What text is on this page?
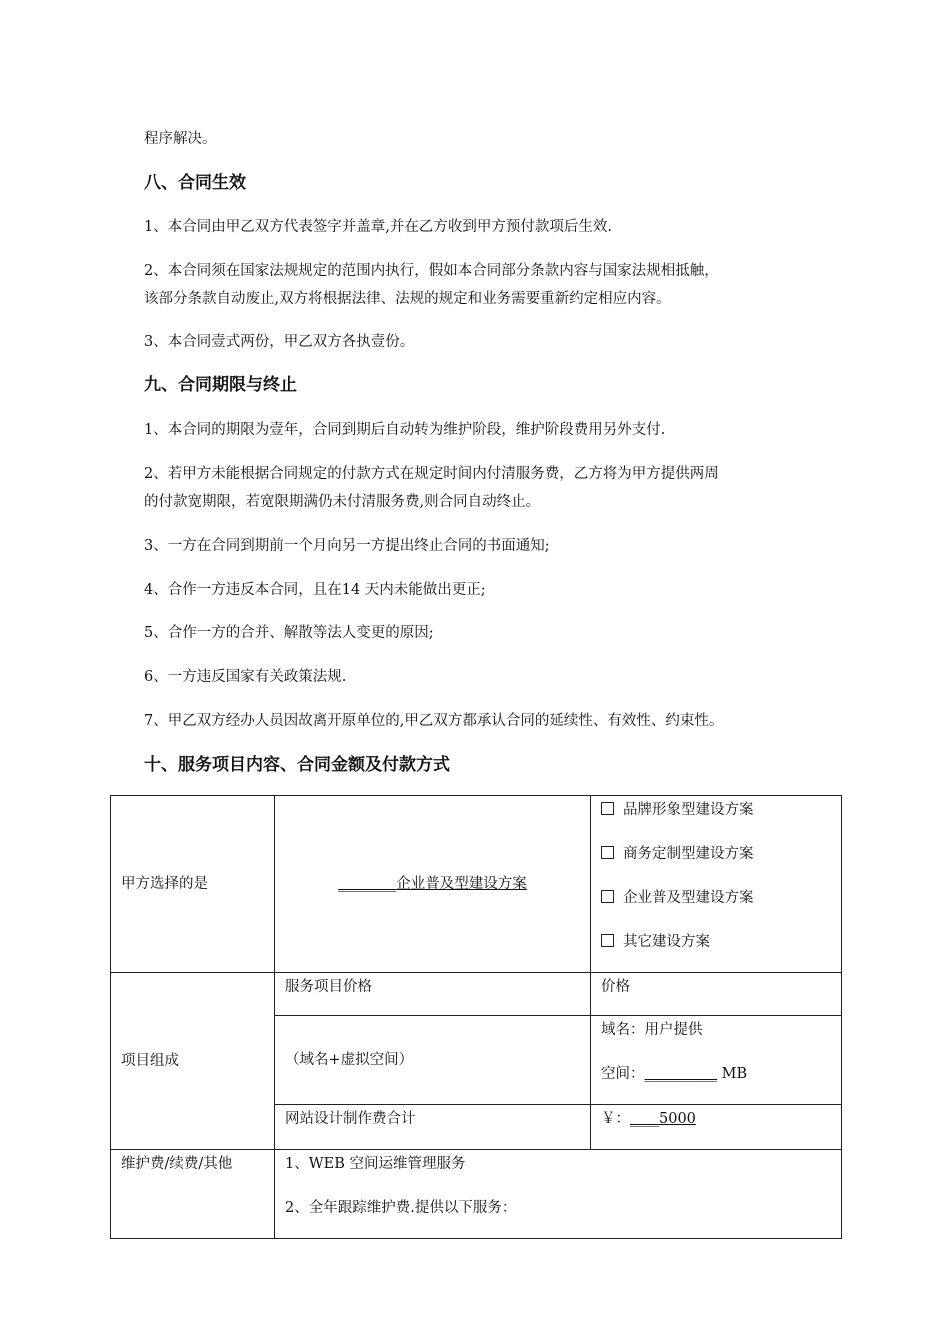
程序解决。
八、合同生效
1、本合同由甲乙双方代表签字并盖章,并在乙方收到甲方预付款项后生效.
2、本合同须在国家法规规定的范围内执行，假如本合同部分条款内容与国家法规相抵触，
该部分条款自动废止,双方将根据法律、法规的规定和业务需要重新约定相应内容。
3、本合同壹式两份，甲乙双方各执壹份。
九、合同期限与终止
1、本合同的期限为壹年，合同到期后自动转为维护阶段，维护阶段费用另外支付.
2、若甲方未能根据合同规定的付款方式在规定时间内付清服务费，乙方将为甲方提供两周
的付款宽期限，若宽限期满仍未付清服务费,则合同自动终止。
3、一方在合同到期前一个月向另一方提出终止合同的书面通知;
4、合作一方违反本合同，且在14 天内未能做出更正;
5、合作一方的合并、解散等法人变更的原因;
6、一方违反国家有关政策法规.
7、甲乙双方经办人员因故离开原单位的,甲乙双方都承认合同的延续性、有效性、约束性。
十、服务项目内容、合同金额及付款方式
甲方选择的是	________企业普及型建设方案	品牌形象型建设方案
商务定制型建设方案
企业普及型建设方案
其它建设方案

项目组成	服务项目价格	价格
	（域名+虚拟空间）	域名：用户提供
空间：__________ MB

	网站设计制作费合计	￥：____5000
维护费/续费/其他	1、WEB 空间运维管理服务
2、全年跟踪维护费.提供以下服务：	
